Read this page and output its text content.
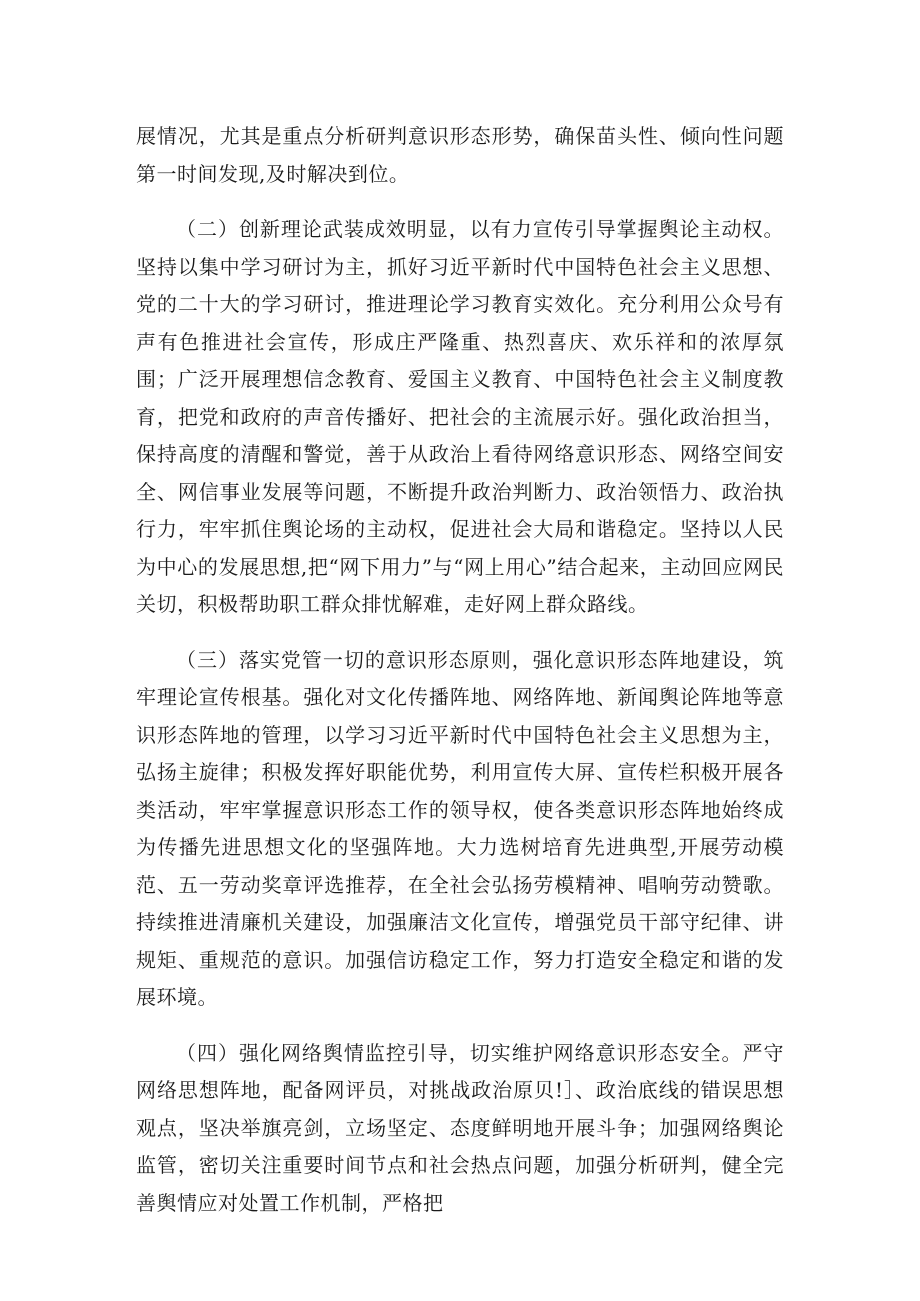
展情况，尤其是重点分析研判意识形态形势，确保苗头性、倾向性问题第一时间发现,及时解决到位。

（二）创新理论武装成效明显，以有力宣传引导掌握舆论主动权。坚持以集中学习研讨为主，抓好习近平新时代中国特色社会主义思想、党的二十大的学习研讨，推进理论学习教育实效化。充分利用公众号有声有色推进社会宣传，形成庄严隆重、热烈喜庆、欢乐祥和的浓厚氛围；广泛开展理想信念教育、爱国主义教育、中国特色社会主义制度教育，把党和政府的声音传播好、把社会的主流展示好。强化政治担当，保持高度的清醒和警觉，善于从政治上看待网络意识形态、网络空间安全、网信事业发展等问题，不断提升政治判断力、政治领悟力、政治执行力，牢牢抓住舆论场的主动权，促进社会大局和谐稳定。坚持以人民为中心的发展思想,把“网下用力”与“网上用心”结合起来，主动回应网民关切，积极帮助职工群众排忧解难，走好网上群众路线。

（三）落实党管一切的意识形态原则，强化意识形态阵地建设，筑牢理论宣传根基。强化对文化传播阵地、网络阵地、新闻舆论阵地等意识形态阵地的管理，以学习习近平新时代中国特色社会主义思想为主，弘扬主旋律；积极发挥好职能优势，利用宣传大屏、宣传栏积极开展各类活动，牢牢掌握意识形态工作的领导权，使各类意识形态阵地始终成为传播先进思想文化的坚强阵地。大力选树培育先进典型,开展劳动模范、五一劳动奖章评选推荐，在全社会弘扬劳模精神、唱响劳动赞歌。持续推进清廉机关建设，加强廉洁文化宣传，增强党员干部守纪律、讲规矩、重规范的意识。加强信访稳定工作，努力打造安全稳定和谐的发展环境。

（四）强化网络舆情监控引导，切实维护网络意识形态安全。严守网络思想阵地，配备网评员，对挑战政治原贝!］、政治底线的错误思想观点，坚决举旗亮剑，立场坚定、态度鲜明地开展斗争；加强网络舆论监管，密切关注重要时间节点和社会热点问题，加强分析研判，健全完善舆情应对处置工作机制，严格把
